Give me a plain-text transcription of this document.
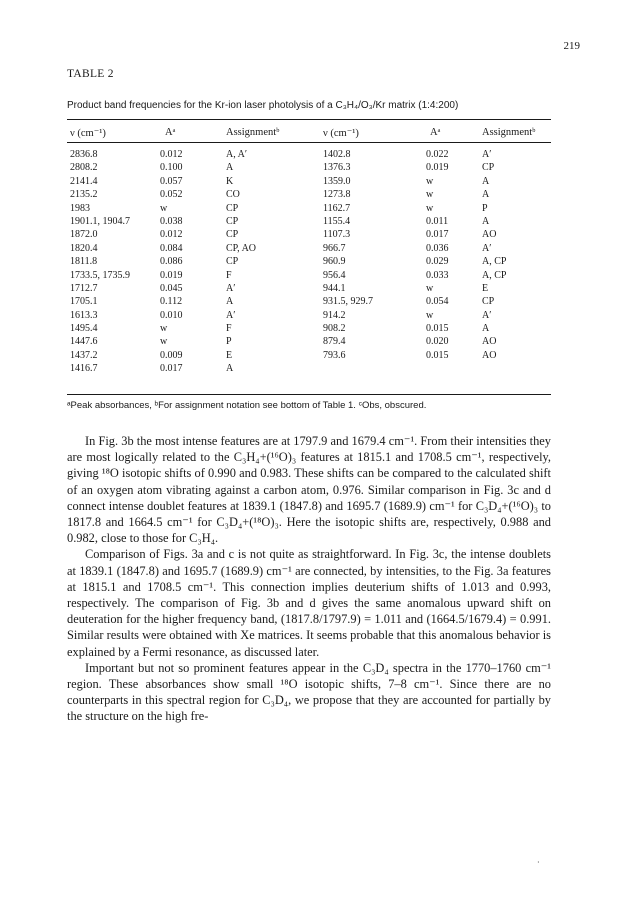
219
TABLE 2
Product band frequencies for the Kr-ion laser photolysis of a C₃H₄/O₃/Kr matrix (1:4:200)
ν (cm⁻¹)	Aᵃ	Assignmentᵇ	ν (cm⁻¹)	Aᵃ	Assignmentᵇ
2836.8	0.012	A, A′	1402.8	0.022	A′
2808.2	0.100	A	1376.3	0.019	CP
2141.4	0.057	K	1359.0	w	A
2135.2	0.052	CO	1273.8	w	A
1983	w	CP	1162.7	w	P
1901.1, 1904.7	0.038	CP	1155.4	0.011	A
1872.0	0.012	CP	1107.3	0.017	AO
1820.4	0.084	CP, AO	966.7	0.036	A′
1811.8	0.086	CP	960.9	0.029	A, CP
1733.5, 1735.9	0.019	F	956.4	0.033	A, CP
1712.7	0.045	A′	944.1	w	E
1705.1	0.112	A	931.5, 929.7	0.054	CP
1613.3	0.010	A′	914.2	w	A′
1495.4	w	F	908.2	0.015	A
1447.6	w	P	879.4	0.020	AO
1437.2	0.009	E	793.6	0.015	AO
1416.7	0.017	A
ᵃPeak absorbances, ᵇFor assignment notation see bottom of Table 1. ᶜObs, obscured.

In Fig. 3b the most intense features are at 1797.9 and 1679.4 cm⁻¹. From their intensities they are most logically related to the C₃H₄+(¹⁶O)₃ features at 1815.1 and 1708.5 cm⁻¹, respectively, giving ¹⁸O isotopic shifts of 0.990 and 0.983. These shifts can be compared to the calculated shift of an oxygen atom vibrating against a carbon atom, 0.976. Similar comparison in Fig. 3c and d connect intense doublet features at 1839.1 (1847.8) and 1695.7 (1689.9) cm⁻¹ for C₃D₄+(¹⁶O)₃ to 1817.8 and 1664.5 cm⁻¹ for C₃D₄+(¹⁸O)₃. Here the isotopic shifts are, respectively, 0.988 and 0.982, close to those for C₃H₄.

Comparison of Figs. 3a and c is not quite as straightforward. In Fig. 3c, the intense doublets at 1839.1 (1847.8) and 1695.7 (1689.9) cm⁻¹ are connected, by intensities, to the Fig. 3a features at 1815.1 and 1708.5 cm⁻¹. This connection implies deuterium shifts of 1.013 and 0.993, respectively. The comparison of Fig. 3b and d gives the same anomalous upward shift on deuteration for the higher frequency band, (1817.8/1797.9) = 1.011 and (1664.5/1679.4) = 0.991. Similar results were obtained with Xe matrices. It seems probable that this anomalous behavior is explained by a Fermi resonance, as discussed later.

Important but not so prominent features appear in the C₃D₄ spectra in the 1770–1760 cm⁻¹ region. These absorbances show small ¹⁸O isotopic shifts, 7–8 cm⁻¹. Since there are no counterparts in this spectral region for C₃D₄, we propose that they are accounted for partially by the structure on the high fre-

·
